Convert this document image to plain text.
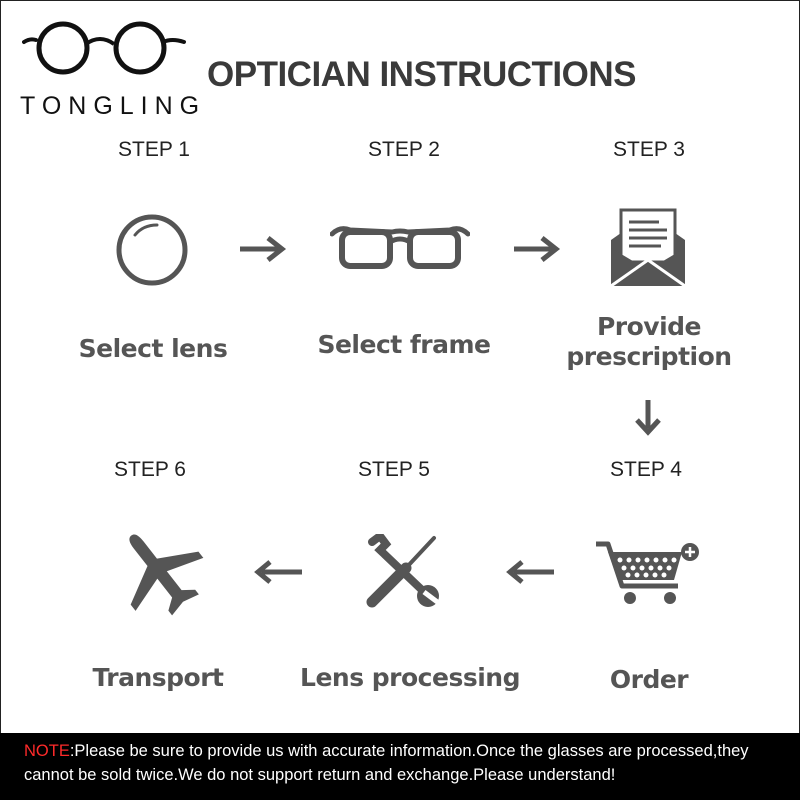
TONGLING
OPTICIAN INSTRUCTIONS
STEP 1	STEP 2	STEP 3
STEP 4
STEP 5
STEP 6
Select lens	Select frame
Provide
prescription
Order
Lens processing
Transport
NOTE:Please be sure to provide us with accurate information.Once the glasses are processed,they cannot be sold twice.We do not support return and exchange.Please understand!
